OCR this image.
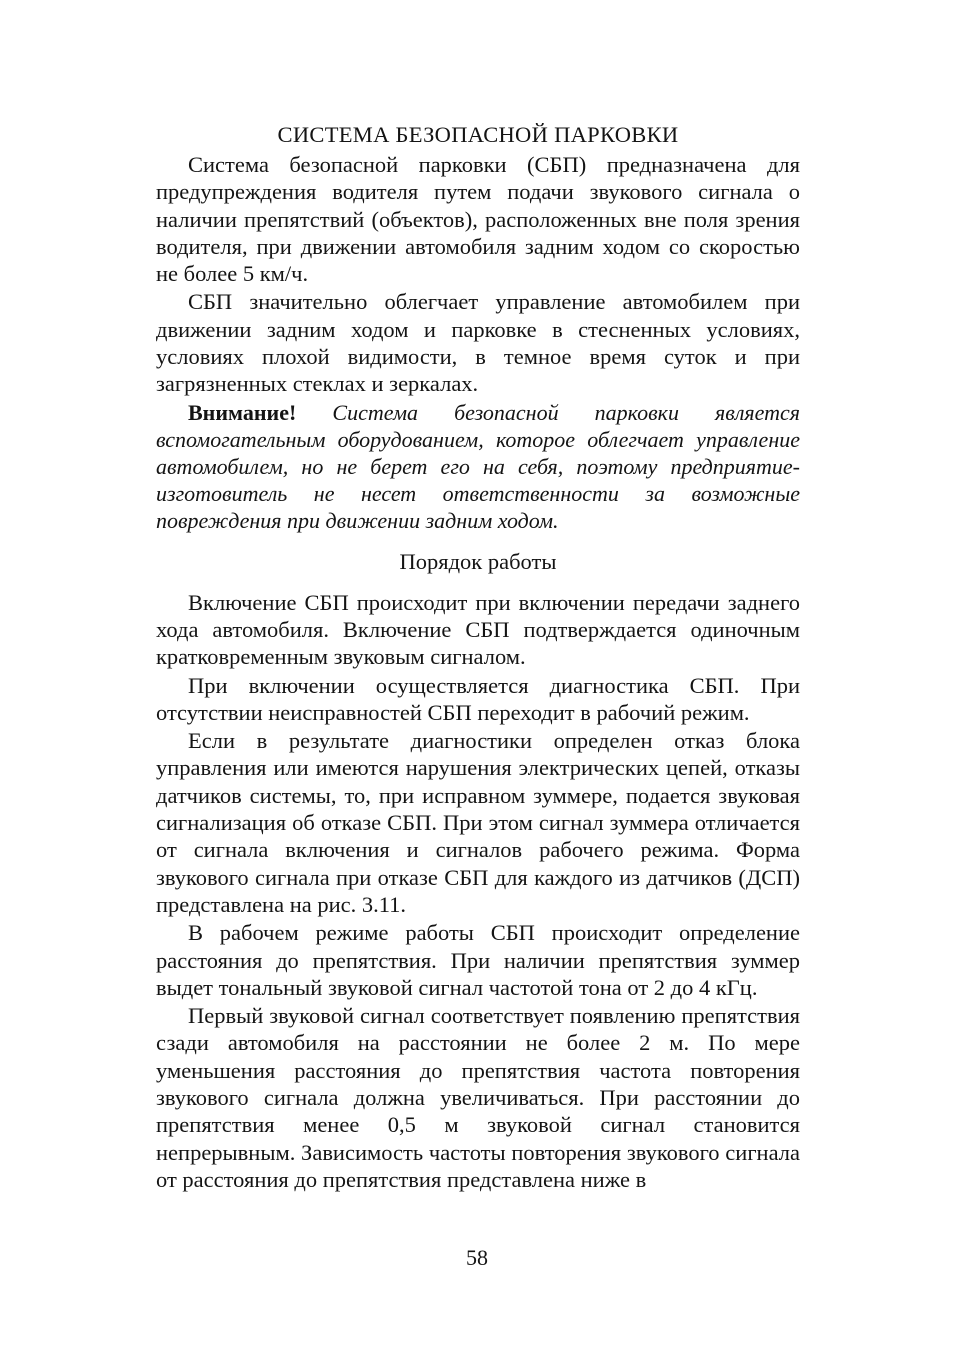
СИСТЕМА БЕЗОПАСНОЙ ПАРКОВКИ

Система безопасной парковки (СБП) предназначена для предупреждения водителя путем подачи звукового сигнала о наличии препятствий (объектов), расположенных вне поля зрения водителя, при движении автомобиля задним ходом со скоростью не более 5 км/ч.

СБП значительно облегчает управление автомобилем при движении задним ходом и парковке в стесненных условиях, условиях плохой видимости, в темное время суток и при загрязненных стеклах и зеркалах.

Внимание! Система безопасной парковки является вспомогательным оборудованием, которое облегчает управление автомобилем, но не берет его на себя, поэтому предприятие-изготовитель не несет ответственности за возможные повреждения при движении задним ходом.

Порядок работы

Включение СБП происходит при включении передачи заднего хода автомобиля. Включение СБП подтверждается одиночным кратковременным звуковым сигналом.

При включении осуществляется диагностика СБП. При отсутствии неисправностей СБП переходит в рабочий режим.

Если в результате диагностики определен отказ блока управления или имеются нарушения электрических цепей, отказы датчиков системы, то, при исправном зуммере, подается звуковая сигнализация об отказе СБП. При этом сигнал зуммера отличается от сигнала включения и сигналов рабочего режима. Форма звукового сигнала при отказе СБП для каждого из датчиков (ДСП) представлена на рис. 3.11.

В рабочем режиме работы СБП происходит определение расстояния до препятствия. При наличии препятствия зуммер выдет тональный звуковой сигнал частотой тона от 2 до 4 кГц.

Первый звуковой сигнал соответствует появлению препятствия сзади автомобиля на расстоянии не более 2 м. По мере уменьшения расстояния до препятствия частота повторения звукового сигнала должна увеличиваться. При расстоянии до препятствия менее 0,5 м звуковой сигнал становится непрерывным. Зависимость частоты повторения звукового сигнала от расстояния до препятствия представлена ниже в

58
